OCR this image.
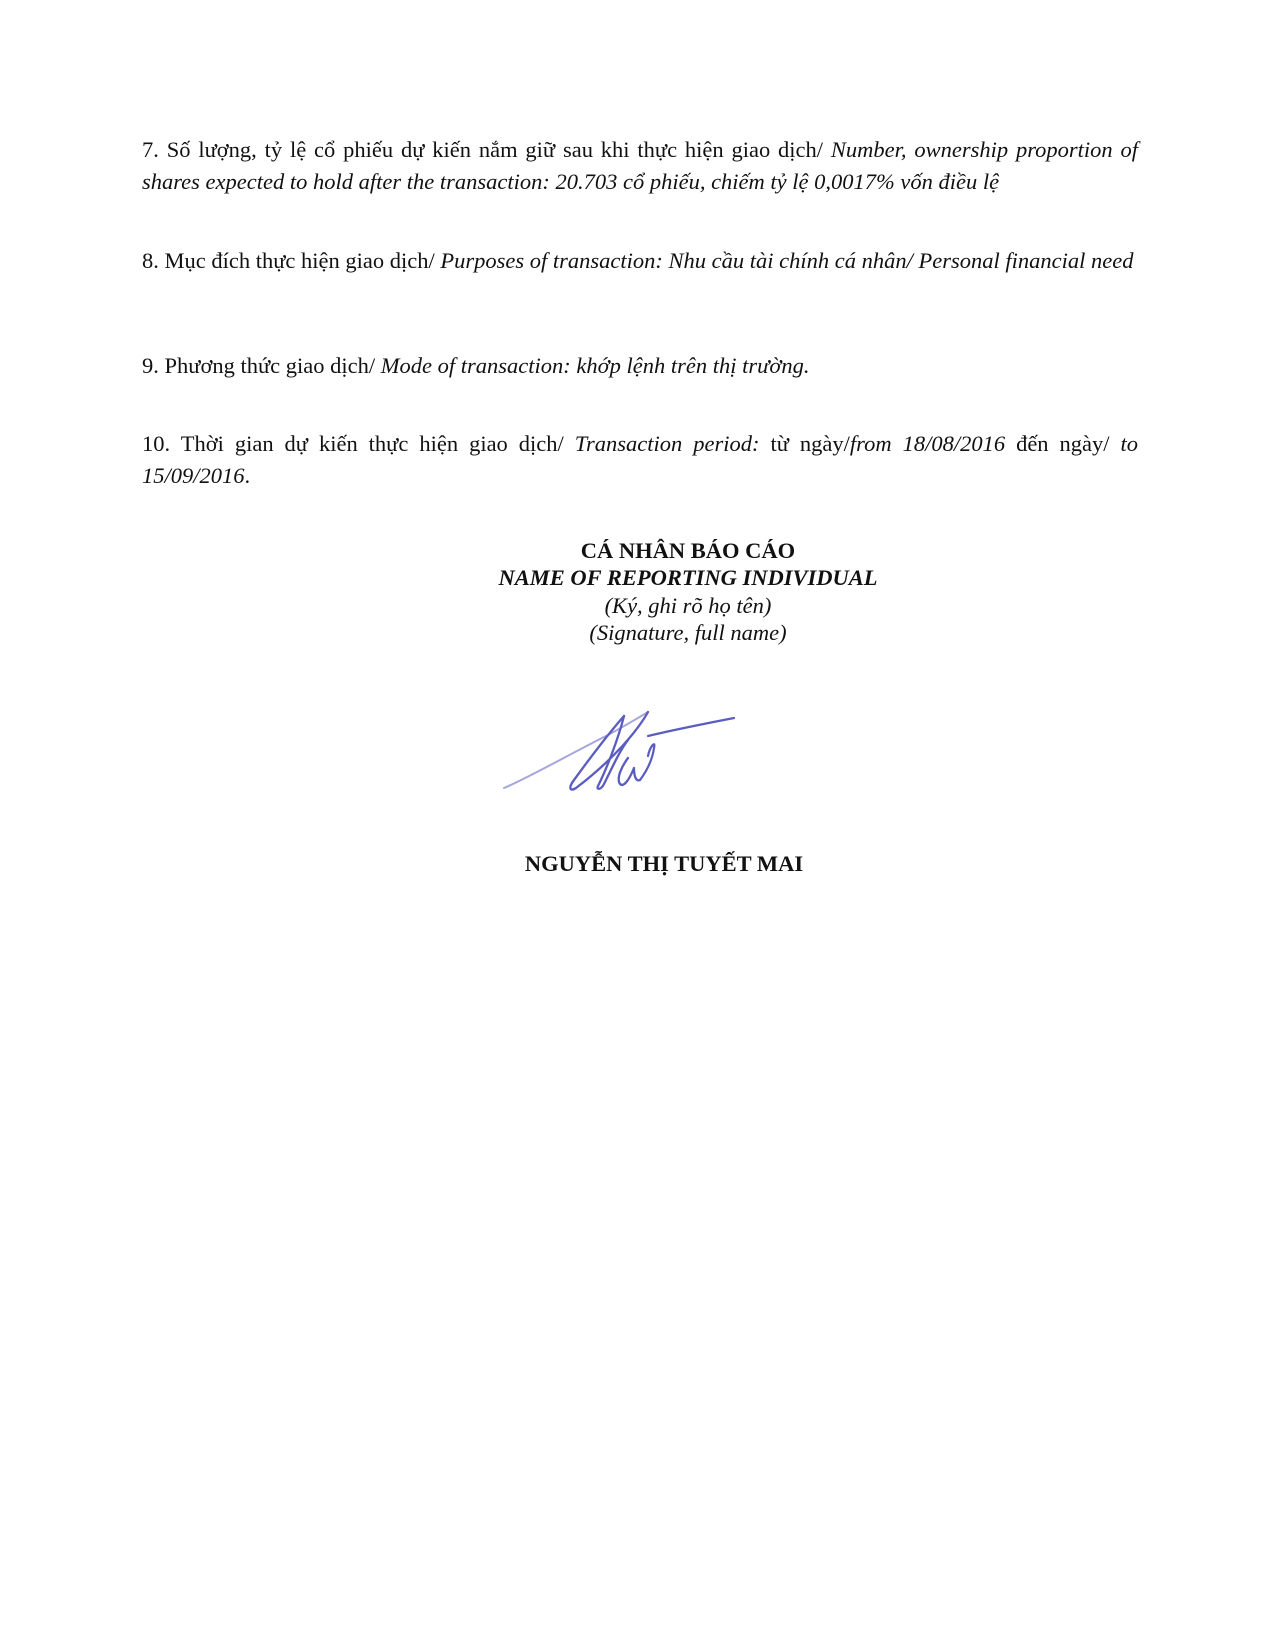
7. Số lượng, tỷ lệ cổ phiếu dự kiến nắm giữ sau khi thực hiện giao dịch/ Number, ownership proportion of shares expected to hold after the transaction: 20.703 cổ phiếu, chiếm tỷ lệ 0,0017% vốn điều lệ
8. Mục đích thực hiện giao dịch/ Purposes of transaction: Nhu cầu tài chính cá nhân/ Personal financial need
9. Phương thức giao dịch/ Mode of transaction: khớp lệnh trên thị trường.
10. Thời gian dự kiến thực hiện giao dịch/ Transaction period: từ ngày/from 18/08/2016 đến ngày/ to 15/09/2016.
CÁ NHÂN BÁO CÁO
NAME OF REPORTING INDIVIDUAL
(Ký, ghi rõ họ tên)
(Signature, full name)
NGUYỄN THỊ TUYẾT MAI
